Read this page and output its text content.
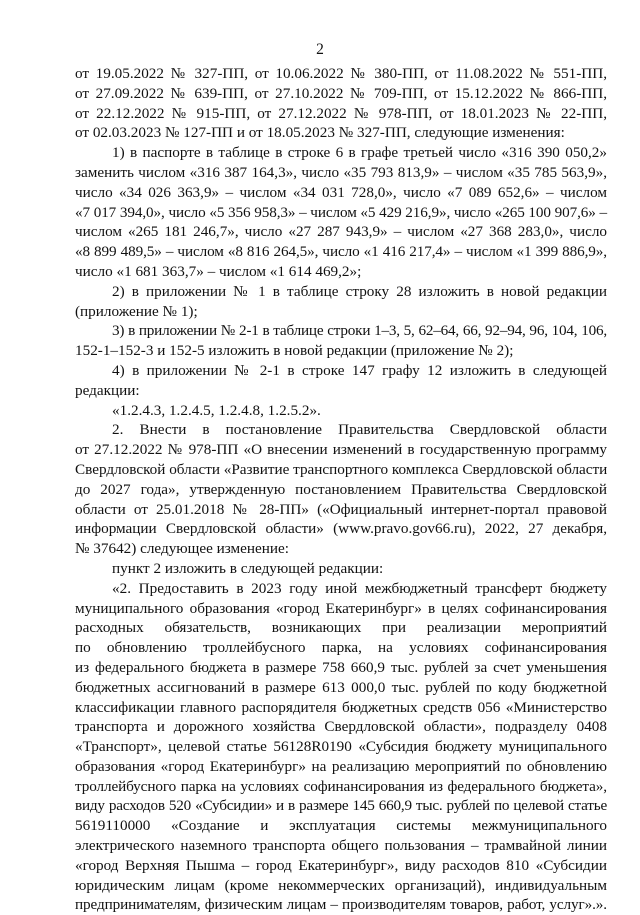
2
от 19.05.2022 № 327-ПП, от 10.06.2022 № 380-ПП, от 11.08.2022 № 551-ПП,
от 27.09.2022 № 639-ПП, от 27.10.2022 № 709-ПП, от 15.12.2022 № 866-ПП,
от 22.12.2022 № 915-ПП, от 27.12.2022 № 978-ПП, от 18.01.2023 № 22-ПП,
от 02.03.2023 № 127-ПП и от 18.05.2023 № 327-ПП, следующие изменения:
1) в паспорте в таблице в строке 6 в графе третьей число «316 390 050,2»
заменить числом «316 387 164,3», число «35 793 813,9» – числом «35 785 563,9»,
число «34 026 363,9» – числом «34 031 728,0», число «7 089 652,6» – числом
«7 017 394,0», число «5 356 958,3» – числом «5 429 216,9», число «265 100 907,6» –
числом «265 181 246,7», число «27 287 943,9» – числом «27 368 283,0», число
«8 899 489,5» – числом «8 816 264,5», число «1 416 217,4» – числом «1 399 886,9»,
число «1 681 363,7» – числом «1 614 469,2»;
2) в приложении № 1 в таблице строку 28 изложить в новой редакции
(приложение № 1);
3) в приложении № 2-1 в таблице строки 1–3, 5, 62–64, 66, 92–94, 96, 104, 106,
152-1–152-3 и 152-5 изложить в новой редакции (приложение № 2);
4) в приложении № 2-1 в строке 147 графу 12 изложить в следующей
редакции:
«1.2.4.3, 1.2.4.5, 1.2.4.8, 1.2.5.2».
2. Внести в постановление Правительства Свердловской области
от 27.12.2022 № 978-ПП «О внесении изменений в государственную программу
Свердловской области «Развитие транспортного комплекса Свердловской области
до 2027 года», утвержденную постановлением Правительства Свердловской
области от 25.01.2018 № 28-ПП» («Официальный интернет-портал правовой
информации Свердловской области» (www.pravo.gov66.ru), 2022, 27 декабря,
№ 37642) следующее изменение:
пункт 2 изложить в следующей редакции:
«2. Предоставить в 2023 году иной межбюджетный трансферт бюджету
муниципального образования «город Екатеринбург» в целях софинансирования
расходных обязательств, возникающих при реализации мероприятий
по обновлению троллейбусного парка, на условиях софинансирования
из федерального бюджета в размере 758 660,9 тыс. рублей за счет уменьшения
бюджетных ассигнований в размере 613 000,0 тыс. рублей по коду бюджетной
классификации главного распорядителя бюджетных средств 056 «Министерство
транспорта и дорожного хозяйства Свердловской области», подразделу 0408
«Транспорт», целевой статье 56128R0190 «Субсидия бюджету муниципального
образования «город Екатеринбург» на реализацию мероприятий по обновлению
троллейбусного парка на условиях софинансирования из федерального бюджета»,
виду расходов 520 «Субсидии» и в размере 145 660,9 тыс. рублей по целевой статье
5619110000 «Создание и эксплуатация системы межмуниципального
электрического наземного транспорта общего пользования – трамвайной линии
«город Верхняя Пышма – город Екатеринбург», виду расходов 810 «Субсидии
юридическим лицам (кроме некоммерческих организаций), индивидуальным
предпринимателям, физическим лицам – производителям товаров, работ, услуг».».
